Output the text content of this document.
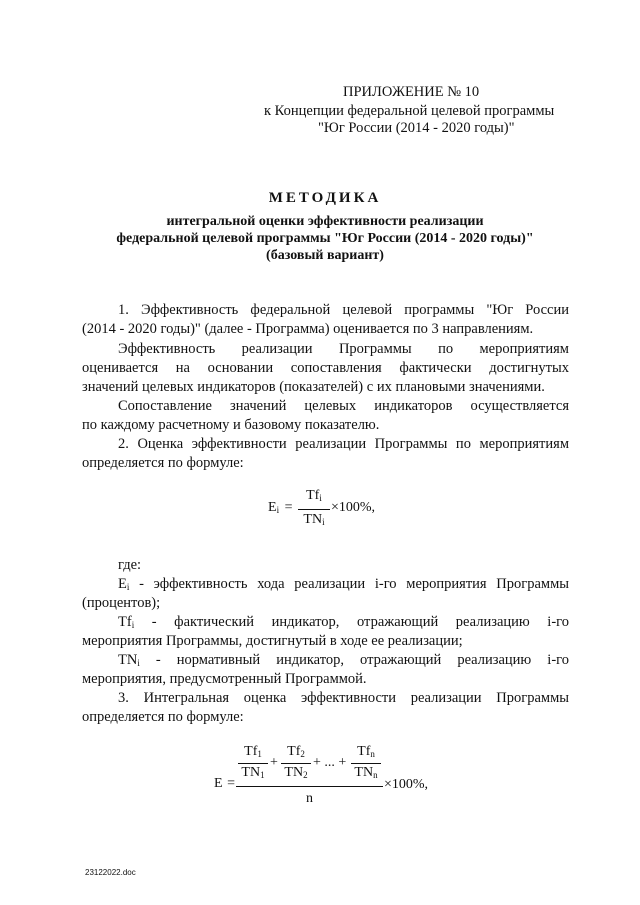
ПРИЛОЖЕНИЕ № 10
к Концепции федеральной целевой программы
"Юг России (2014 - 2020 годы)"
МЕТОДИКА
интегральной оценки эффективности реализации
федеральной целевой программы "Юг России (2014 - 2020 годы)"
(базовый вариант)
1. Эффективность федеральной целевой программы "Юг России
(2014 - 2020 годы)" (далее - Программа) оценивается по 3 направлениям.
Эффективность реализации Программы по мероприятиям
оценивается на основании сопоставления фактически достигнутых
значений целевых индикаторов (показателей) с их плановыми значениями.
Сопоставление значений целевых индикаторов осуществляется
по каждому расчетному и базовому показателю.
2. Оценка эффективности реализации Программы по мероприятиям
определяется по формуле:
$E_i$ =
$Tf_i$
$TN_i$
×100%,
где:
$E_i$ - эффективность хода реализации i-го мероприятия Программы
(процентов);
$Tf_i$ - фактический индикатор, отражающий реализацию i-го
мероприятия Программы, достигнутый в ходе ее реализации;
$TN_i$ - нормативный индикатор, отражающий реализацию i-го
мероприятия, предусмотренный Программой.
3. Интегральная оценка эффективности реализации Программы
определяется по формуле:
E =
$Tf_1$
$TN_1$
+
$Tf_2$
$TN_2$
+ ... +
$Tf_n$
$TN_n$
n
×100%,
23122022.doc
